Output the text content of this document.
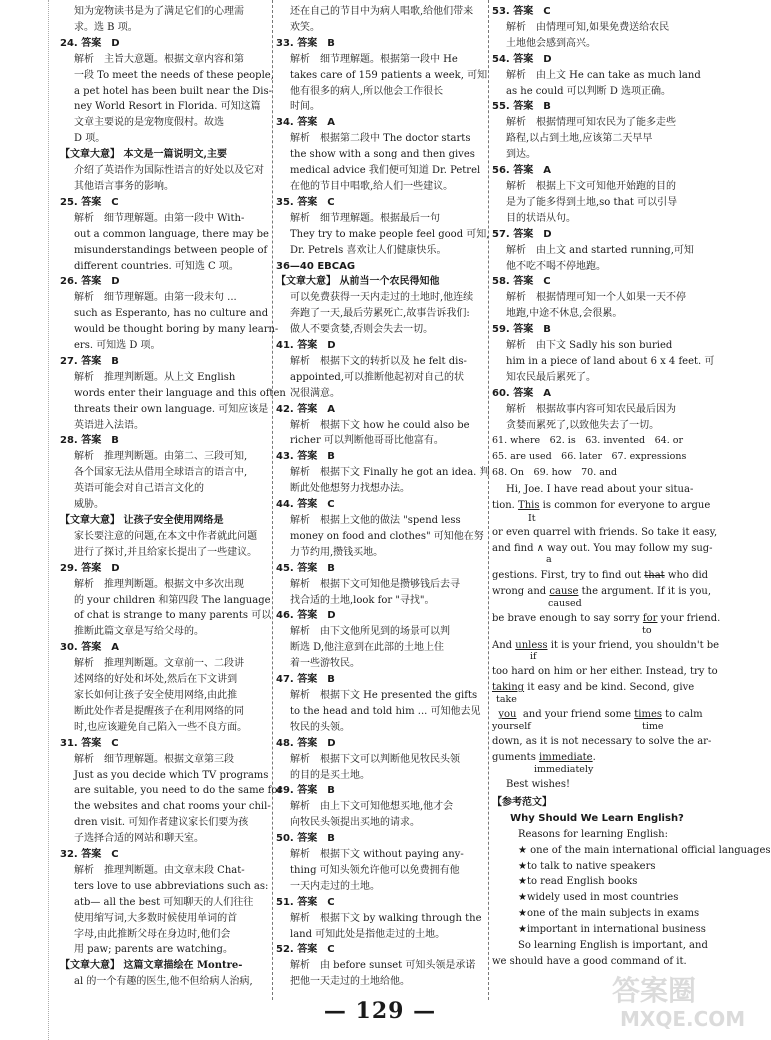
知为宠物读书是为了满足它们的心理需
求。选 B 项。
24. 答案　D
解析　主旨大意题。根据文章内容和第
一段 To meet the needs of these people,
a pet hotel has been built near the Dis-
ney World Resort in Florida. 可知这篇
文章主要说的是宠物度假村。故选
D 项。
【文章大意】 本文是一篇说明文,主要
介绍了英语作为国际性语言的好处以及它对
其他语言事务的影响。
25. 答案　C
解析　细节理解题。由第一段中 With-
out a common language, there may be
misunderstandings between people of
different countries. 可知选 C 项。
26. 答案　D
解析　细节理解题。由第一段末句 ...
such as Esperanto, has no culture and
would be thought boring by many learn-
ers. 可知选 D 项。
27. 答案　B
解析　推理判断题。从上文 English
words enter their language and this often
threats their own language. 可知应该是
英语进入法语。
28. 答案　B
解析　推理判断题。由第二、三段可知,
各个国家无法从借用全球语言的语言中,
英语可能会对自己语言文化的
威胁。
【文章大意】 让孩子安全使用网络是
家长要注意的问题,在本文中作者就此问题
进行了探讨,并且给家长提出了一些建议。
29. 答案　D
解析　推理判断题。根据文中多次出现
的 your children 和第四段 The language
of chat is strange to many parents 可以
推断此篇文章是写给父母的。
30. 答案　A
解析　推理判断题。文章前一、二段讲
述网络的好处和坏处,然后在下文讲到
家长如何让孩子安全使用网络,由此推
断此处作者是提醒孩子在利用网络的同
时,也应该避免自己陷入一些不良方面。
31. 答案　C
解析　细节理解题。根据文章第三段
Just as you decide which TV programs
are suitable, you need to do the same for
the websites and chat rooms your chil-
dren visit. 可知作者建议家长们要为孩
子选择合适的网站和聊天室。
32. 答案　C
解析　推理判断题。由文章末段 Chat-
ters love to use abbreviations such as:
atb— all the best 可知聊天的人们往往
使用缩写词,大多数时候使用单词的首
字母,由此推断父母在身边时,他们会
用 paw; parents are watching。
【文章大意】 这篇文章描绘在 Montre-
al 的一个有趣的医生,他不但给病人治病,
还在自己的节目中为病人唱歌,给他们带来
欢笑。
33. 答案　B
解析　细节理解题。根据第一段中 He
takes care of 159 patients a week, 可知
他有很多的病人,所以他会工作很长
时间。
34. 答案　A
解析　根据第二段中 The doctor starts
the show with a song and then gives
medical advice 我们便可知道 Dr. Petrel
在他的节目中唱歌,给人们一些建议。
35. 答案　C
解析　细节理解题。根据最后一句
They try to make people feel good 可知,
Dr. Petrels 喜欢让人们健康快乐。
36—40 EBCAG
【文章大意】 从前当一个农民得知他
可以免费获得一天内走过的土地时,他连续
奔跑了一天,最后劳累死亡,故事告诉我们:
做人不要贪婪,否则会失去一切。
41. 答案　D
解析　根据下文的转折以及 he felt dis-
appointed,可以推断他起初对自己的状
况很满意。
42. 答案　A
解析　根据下文 how he could also be
richer 可以判断他哥哥比他富有。
43. 答案　B
解析　根据下文 Finally he got an idea. 判
断此处他想努力找想办法。
44. 答案　C
解析　根据上文他的做法 "spend less
money on food and clothes" 可知他在努
力节约用,攒钱买地。
45. 答案　B
解析　根据下文可知他是攒够钱后去寻
找合适的土地,look for "寻找"。
46. 答案　D
解析　由下文他所见到的场景可以判
断选 D,他注意到在此部的土地上住
着一些游牧民。
47. 答案　B
解析　根据下文 He presented the gifts
to the head and told him ... 可知他去见
牧民的头领。
48. 答案　D
解析　根据下文可以判断他见牧民头领
的目的是买土地。
49. 答案　B
解析　由上下文可知他想买地,他才会
向牧民头领提出买地的请求。
50. 答案　B
解析　根据下文 without paying any-
thing 可知头领允许他可以免费拥有他
一天内走过的土地。
51. 答案　C
解析　根据下文 by walking through the
land 可知此处是指他走过的土地。
52. 答案　C
解析　由 before sunset 可知头领是承诺
把他一天走过的土地给他。
53. 答案　C
解析　由情理可知,如果免费送给农民
土地他会感到高兴。
54. 答案　D
解析　由上文 He can take as much land
as he could 可以判断 D 选项正确。
55. 答案　B
解析　根据情理可知农民为了能多走些
路程,以占到土地,应该第二天早早
到达。
56. 答案　A
解析　根据上下文可知他开始跑的目的
是为了能多得到土地,so that 可以引导
目的状语从句。
57. 答案　D
解析　由上文 and started running,可知
他不吃不喝不停地跑。
58. 答案　C
解析　根据情理可知一个人如果一天不停
地跑,中途不休息,会很累。
59. 答案　B
解析　由下文 Sadly his son buried
him in a piece of land about 6 x 4 feet. 可
知农民最后累死了。
60. 答案　A
解析　根据故事内容可知农民最后因为
贪婪而累死了,以致他失去了一切。
61. where　62. is　63. invented　64. or
65. are used　66. later　67. expressions
68. On　69. how　70. and
Hi, Joe. I have read about your situa-
tion. This is common for everyone to argue
It
or even quarrel with friends. So take it easy,
and find ∧ way out. You may follow my sug-
a
gestions. First, try to find out that who did
wrong and cause the argument. If it is you,
caused
be brave enough to say sorry for your friend.
to
And unless it is your friend, you shouldn't be
if
too hard on him or her either. Instead, try to
taking it easy and be kind. Second, give
take
you  and your friend some times to calm
yourself	time
down, as it is not necessary to solve the ar-
guments immediate.
immediately
Best wishes!
【参考范文】
Why Should We Learn English?
Reasons for learning English:
★ one of the main international official languages
★to talk to native speakers
★to read English books
★widely used in most countries
★one of the main subjects in exams
★important in international business
So learning English is important, and
we should have a good command of it.
— 129 —
答案圈
MXQE.COM
